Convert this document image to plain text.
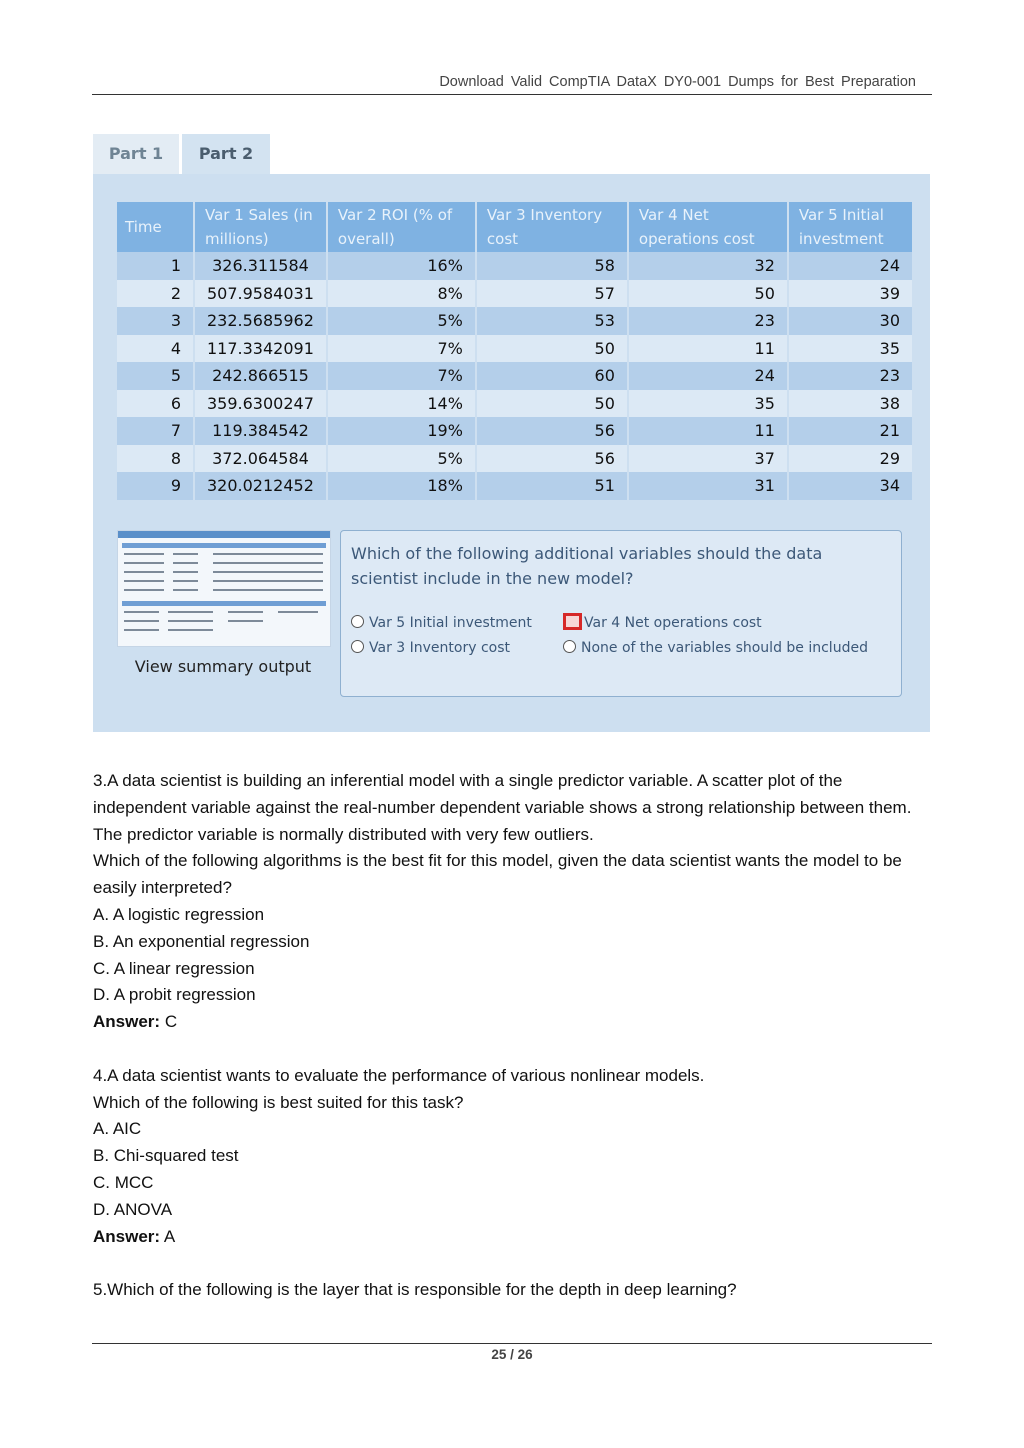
Download Valid CompTIA DataX DY0-001 Dumps for Best Preparation
Part 1	Part 2
Time	Var 1 Sales (in millions)	Var 2 ROI (% of overall)	Var 3 Inventory cost	Var 4 Net operations cost	Var 5 Initial investment
1	326.311584	16%	58	32	24
2	507.9584031	8%	57	50	39
3	232.5685962	5%	53	23	30
4	117.3342091	7%	50	11	35
5	242.866515	7%	60	24	23
6	359.6300247	14%	50	35	38
7	119.384542	19%	56	11	21
8	372.064584	5%	56	37	29
9	320.0212452	18%	51	31	34
View summary output
Which of the following additional variables should the data scientist include in the new model?
Var 5 Initial investment	Var 4 Net operations cost
Var 3 Inventory cost	None of the variables should be included

3.A data scientist is building an inferential model with a single predictor variable. A scatter plot of the independent variable against the real-number dependent variable shows a strong relationship between them. The predictor variable is normally distributed with very few outliers.

Which of the following algorithms is the best fit for this model, given the data scientist wants the model to be easily interpreted?

A. A logistic regression

B. An exponential regression

C. A linear regression

D. A probit regression

Answer: C

4.A data scientist wants to evaluate the performance of various nonlinear models.

Which of the following is best suited for this task?

A. AIC

B. Chi-squared test

C. MCC

D. ANOVA

Answer: A

5.Which of the following is the layer that is responsible for the depth in deep learning?

25 / 26
